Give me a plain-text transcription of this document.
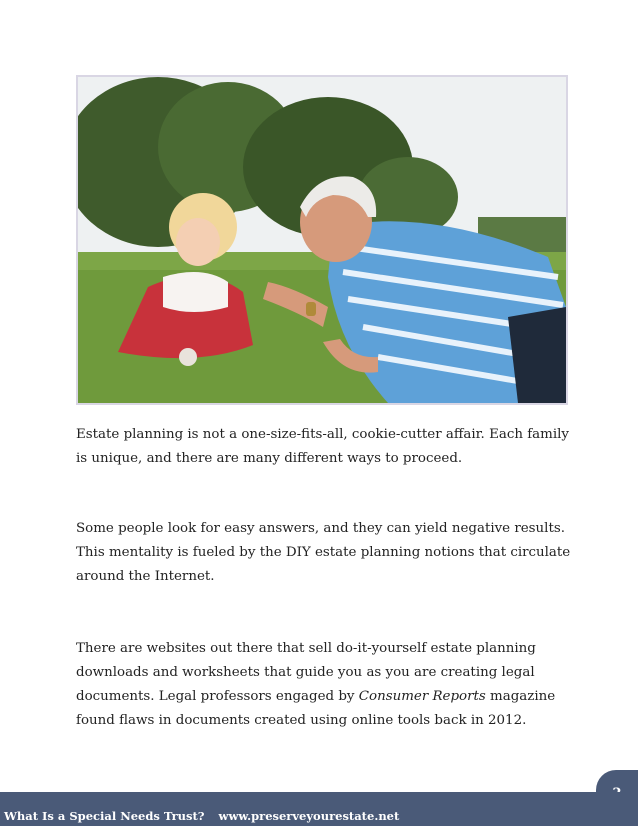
Estate planning is not a one-size-fits-all, cookie-cutter affair. Each family is unique, and there are many different ways to proceed.

Some people look for easy answers, and they can yield negative results. This mentality is fueled by the DIY estate planning notions that circulate around the Internet.

There are websites out there that sell do-it-yourself estate planning downloads and worksheets that guide you as you are creating legal documents. Legal professors engaged by Consumer Reports magazine found flaws in documents created using online tools back in 2012.

What Is a Special Needs Trust? www.preserveyourestate.net
